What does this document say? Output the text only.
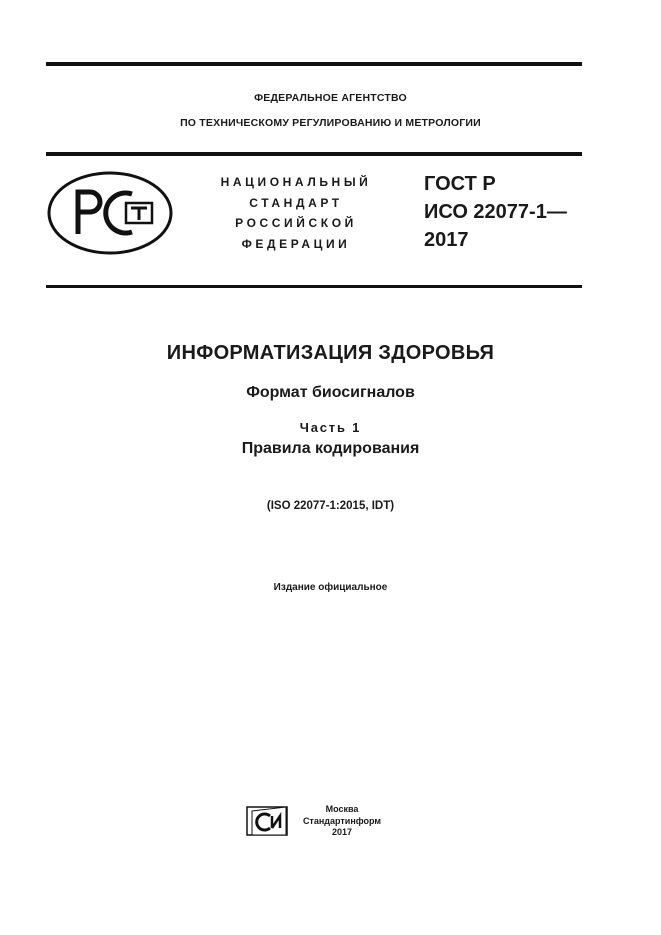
ФЕДЕРАЛЬНОЕ АГЕНТСТВО
ПО ТЕХНИЧЕСКОМУ РЕГУЛИРОВАНИЮ И МЕТРОЛОГИИ
НАЦИОНАЛЬНЫЙ
СТАНДАРТ
РОССИЙСКОЙ
ФЕДЕРАЦИИ
ГОСТ Р
ИСО 22077-1—
2017
ИНФОРМАТИЗАЦИЯ ЗДОРОВЬЯ
Формат биосигналов
Часть 1
Правила кодирования
(ISO 22077-1:2015, IDT)
Издание официальное
Москва
Стандартинформ
2017
